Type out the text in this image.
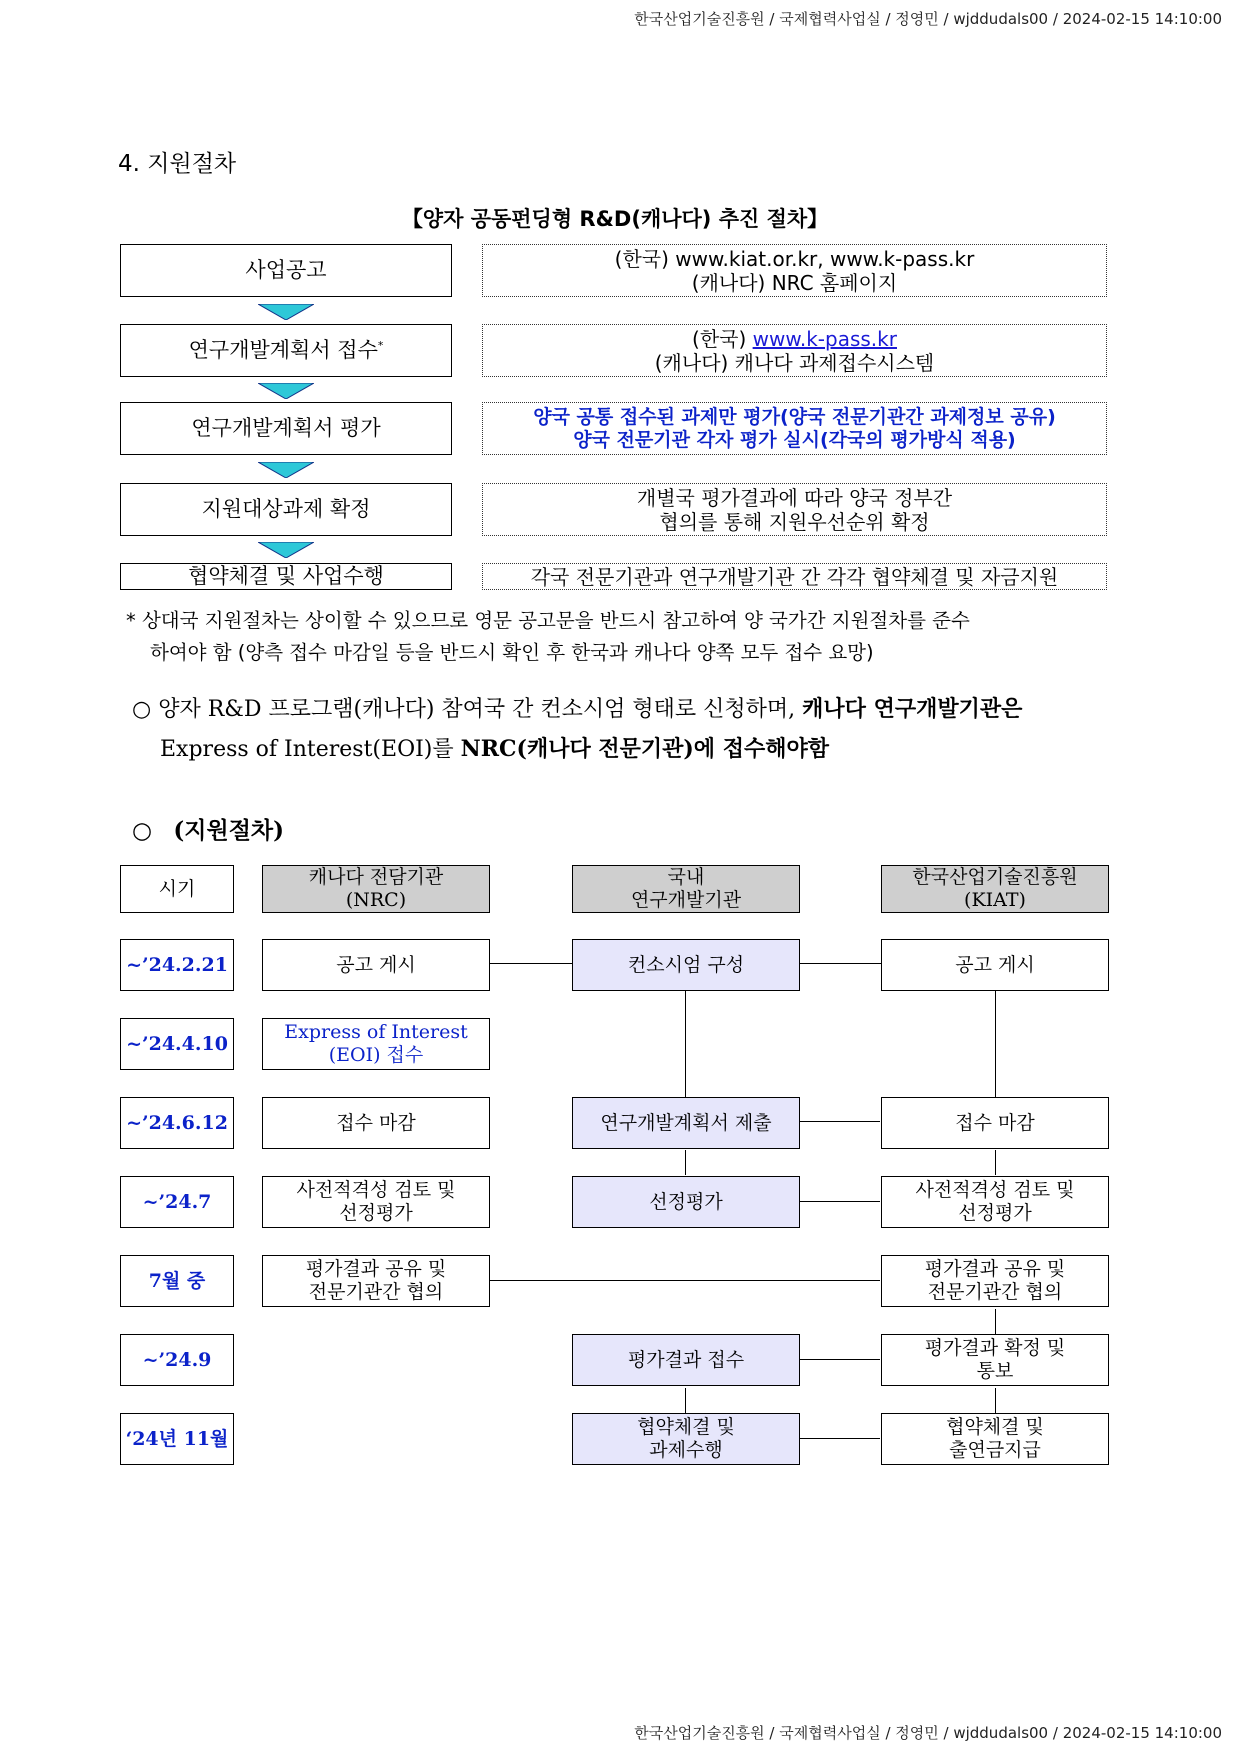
한국산업기술진흥원 / 국제협력사업실 / 정영민 / wjddudals00 / 2024-02-15 14:10:00
한국산업기술진흥원 / 국제협력사업실 / 정영민 / wjddudals00 / 2024-02-15 14:10:00
4. 지원절차
【양자 공동펀딩형 R&D(캐나다) 추진 절차】
사업공고
연구개발계획서 접수*
연구개발계획서 평가
지원대상과제 확정
협약체결 및 사업수행
(한국) www.kiat.or.kr, www.k-pass.kr
(캐나다) NRC 홈페이지
(한국) www.k-pass.kr
(캐나다) 캐나다 과제접수시스템
양국 공통 접수된 과제만 평가(양국 전문기관간 과제정보 공유)
양국 전문기관 각자 평가 실시(각국의 평가방식 적용)
개별국 평가결과에 따라 양국 정부간
협의를 통해 지원우선순위 확정
각국 전문기관과 연구개발기관 간 각각 협약체결 및 자금지원
* 상대국 지원절차는 상이할 수 있으므로 영문 공고문을 반드시 참고하여 양 국가간 지원절차를 준수
하여야 함 (양측 접수 마감일 등을 반드시 확인 후 한국과 캐나다 양쪽 모두 접수 요망)
○ 양자 R&D 프로그램(캐나다) 참여국 간 컨소시엄 형태로 신청하며, 캐나다 연구개발기관은
Express of Interest(EOI)를 NRC(캐나다 전문기관)에 접수해야함
○ (지원절차)
시기
캐나다 전담기관
(NRC)
국내
연구개발기관
한국산업기술진흥원
(KIAT)
~’24.2.21
~’24.4.10
~’24.6.12
~’24.7
7월 중
~’24.9
‘24년 11월
공고 게시
Express of Interest
(EOI) 접수
접수 마감
사전적격성 검토 및
선정평가
평가결과 공유 및
전문기관간 협의
컨소시엄 구성
연구개발계획서 제출
선정평가
평가결과 접수
협약체결 및
과제수행
공고 게시
접수 마감
사전적격성 검토 및
선정평가
평가결과 공유 및
전문기관간 협의
평가결과 확정 및
통보
협약체결 및
출연금지급
